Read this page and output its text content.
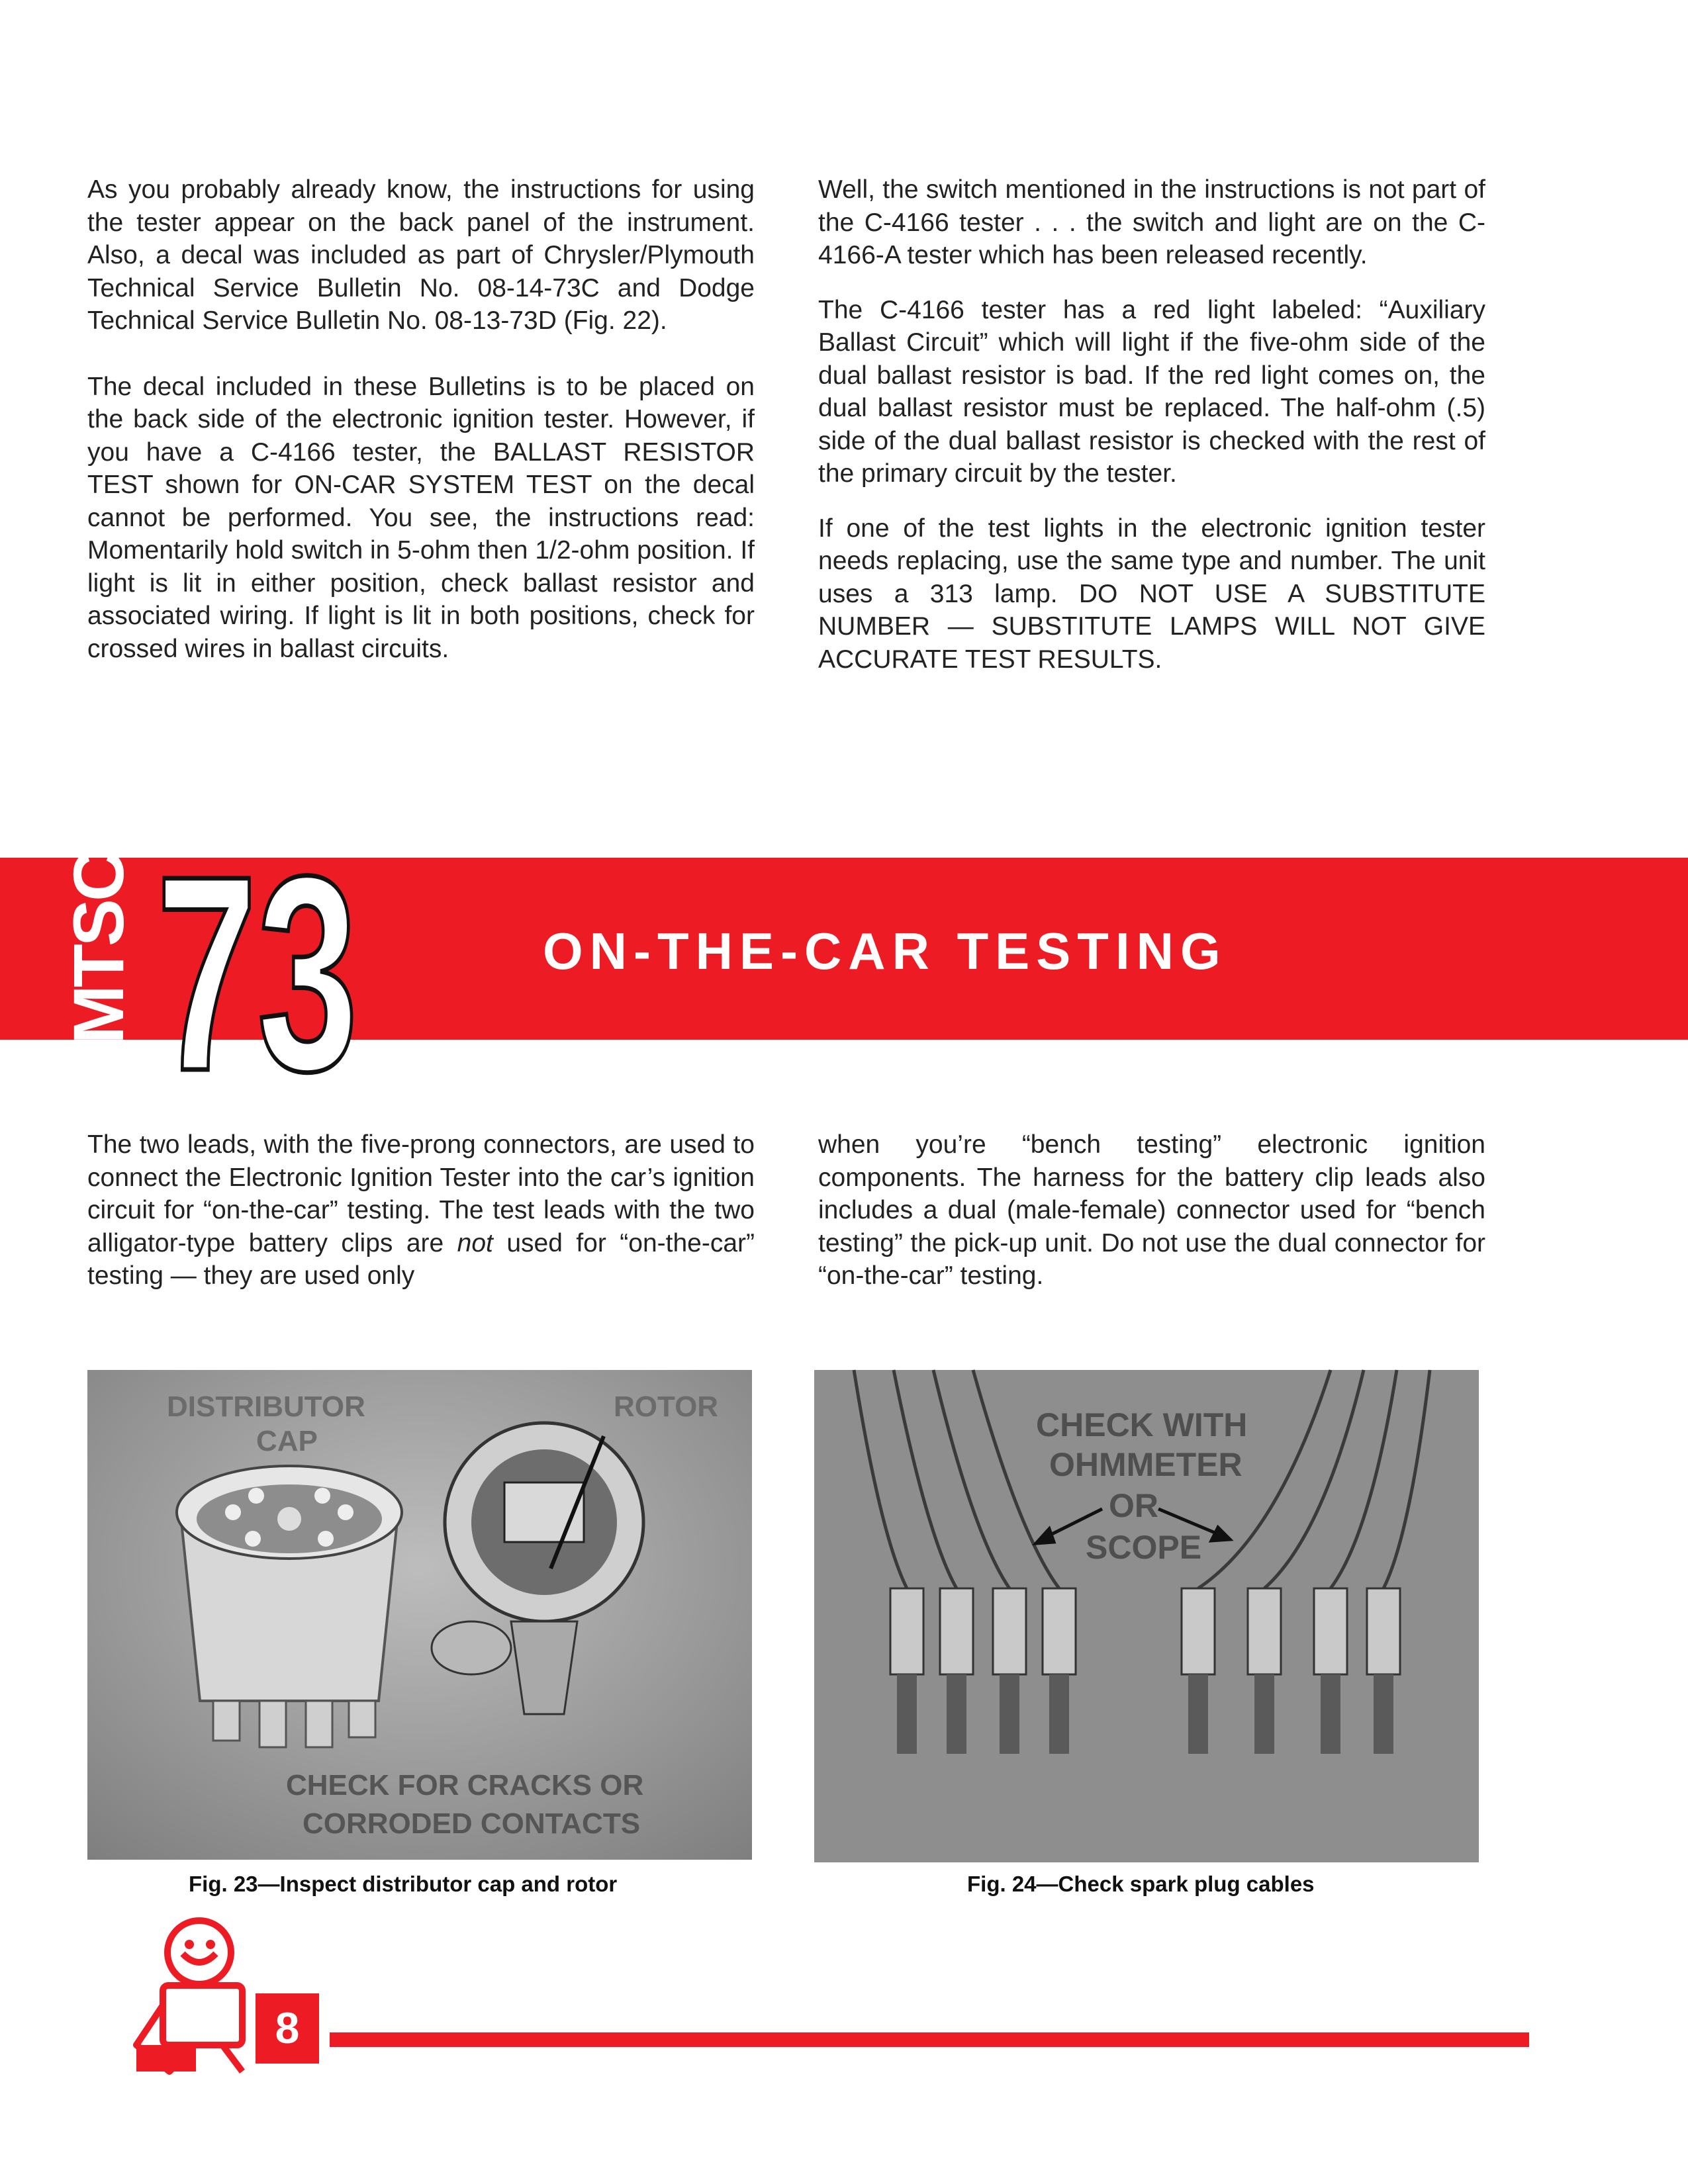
As you probably already know, the instructions for using the tester appear on the back panel of the instrument. Also, a decal was included as part of Chrysler/Plymouth Technical Service Bulletin No. 08-14-73C and Dodge Technical Service Bulletin No. 08-13-73D (Fig. 22).

The decal included in these Bulletins is to be placed on the back side of the electronic ignition tester. However, if you have a C-4166 tester, the BALLAST RESISTOR TEST shown for ON-CAR SYSTEM TEST on the decal cannot be performed. You see, the instructions read: Momentarily hold switch in 5-ohm then 1/2-ohm position. If light is lit in either position, check ballast resistor and associated wiring. If light is lit in both positions, check for crossed wires in ballast circuits.

Well, the switch mentioned in the instructions is not part of the C-4166 tester . . . the switch and light are on the C-4166-A tester which has been released recently.

The C-4166 tester has a red light labeled: “Auxiliary Ballast Circuit” which will light if the five-ohm side of the dual ballast resistor is bad. If the red light comes on, the dual ballast resistor must be replaced. The half-ohm (.5) side of the dual ballast resistor is checked with the rest of the primary circuit by the tester.

If one of the test lights in the electronic ignition tester needs replacing, use the same type and number. The unit uses a 313 lamp. DO NOT USE A SUBSTITUTE NUMBER — SUBSTITUTE LAMPS WILL NOT GIVE ACCURATE TEST RESULTS.

MTSC 73	ON-THE-CAR TESTING

The two leads, with the five-prong connectors, are used to connect the Electronic Ignition Tester into the car’s ignition circuit for “on-the-car” testing. The test leads with the two alligator-type battery clips are not used for “on-the-car” testing — they are used only

when you’re “bench testing” electronic ignition components. The harness for the battery clip leads also includes a dual (male-female) connector used for “bench testing” the pick-up unit. Do not use the dual connector for “on-the-car” testing.

DISTRIBUTOR
CAP
ROTOR
CHECK FOR CRACKS OR
CORRODED CONTACTS
Fig. 23—Inspect distributor cap and rotor
CHECK WITH
OHMMETER
OR
SCOPE
Fig. 24—Check spark plug cables
8
